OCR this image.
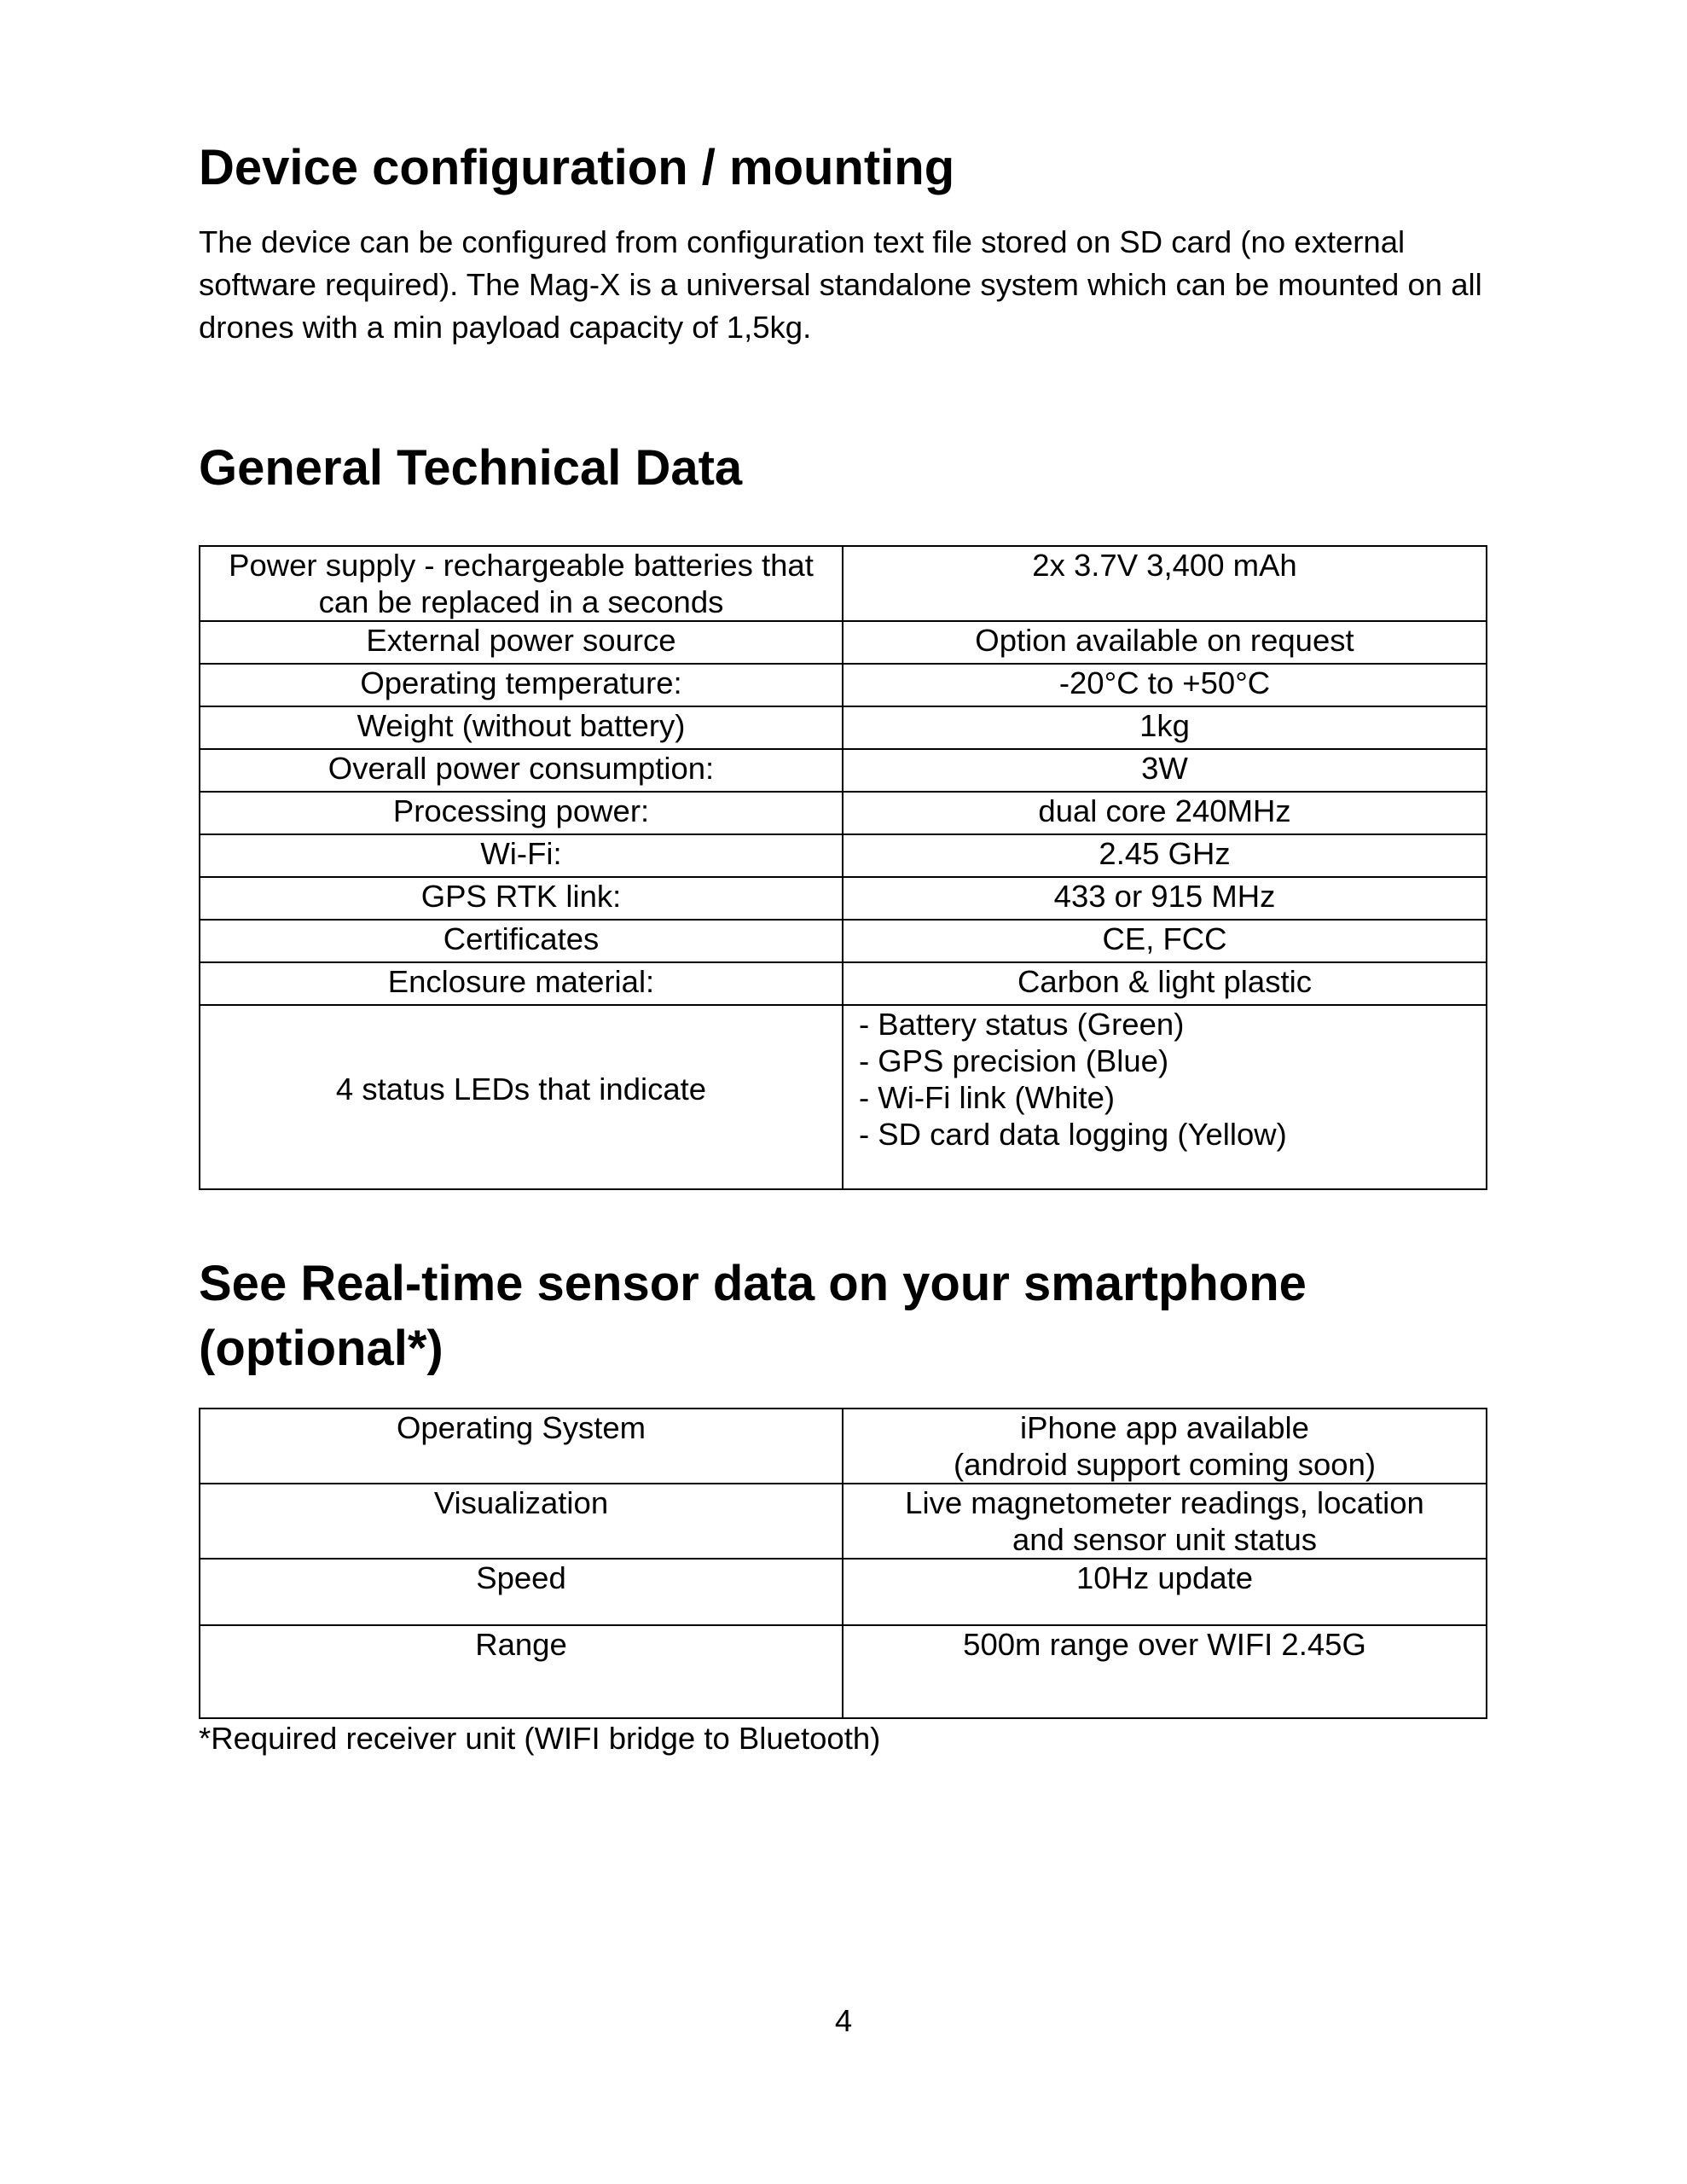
Device configuration / mounting

The device can be configured from configuration text file stored on SD card (no external software required). The Mag-X is a universal standalone system which can be mounted on all drones with a min payload capacity of 1,5kg.

General Technical Data
Power supply - rechargeable batteries that can be replaced in a seconds	2x 3.7V 3,400 mAh
External power source	Option available on request
Operating temperature:	-20°C to +50°C
Weight (without battery)	1kg
Overall power consumption:	3W
Processing power:	dual core 240MHz
Wi-Fi:	2.45 GHz
GPS RTK link:	433 or 915 MHz
Certificates	CE, FCC
Enclosure material:	Carbon & light plastic
4 status LEDs that indicate	- Battery status (Green)
- GPS precision (Blue)
- Wi-Fi link (White)
- SD card data logging (Yellow)
See Real-time sensor data on your smartphone
(optional*)
Operating System	iPhone app available
(android support coming soon)

Visualization	Live magnetometer readings, location
and sensor unit status

Speed	10Hz update
Range	500m range over WIFI 2.45G

*Required receiver unit (WIFI bridge to Bluetooth)

4
